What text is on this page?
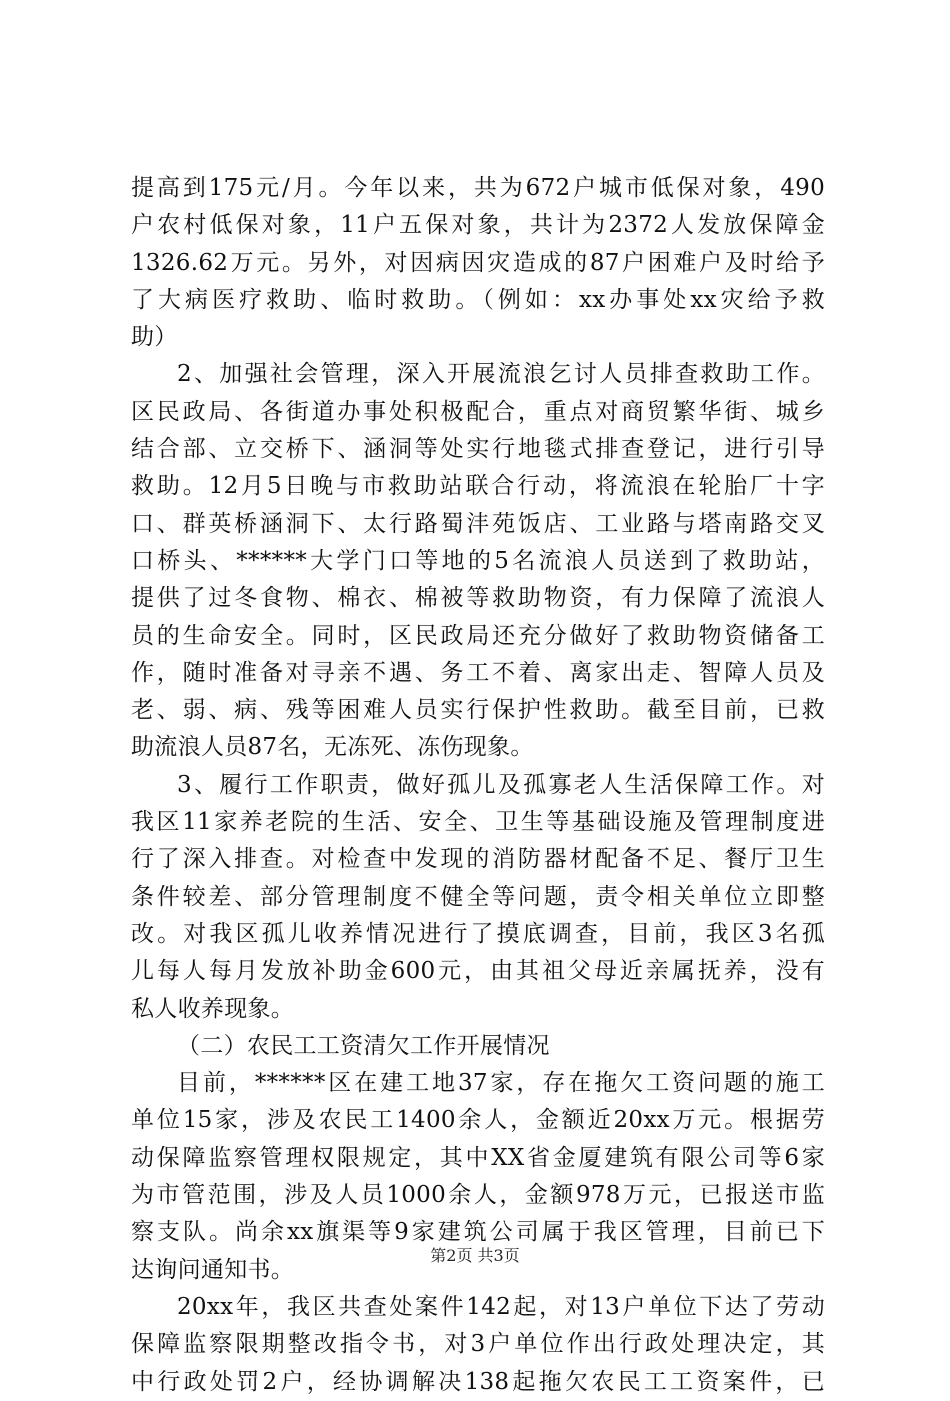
提高到175元/月。今年以来，共为672户城市低保对象，490
户农村低保对象，11户五保对象，共计为2372人发放保障金
1326.62万元。另外，对因病因灾造成的87户困难户及时给予
了大病医疗救助、临时救助。（例如：xx办事处xx灾给予救
助）
2、加强社会管理，深入开展流浪乞讨人员排查救助工作。
区民政局、各街道办事处积极配合，重点对商贸繁华街、城乡
结合部、立交桥下、涵洞等处实行地毯式排查登记，进行引导
救助。12月5日晚与市救助站联合行动，将流浪在轮胎厂十字
口、群英桥涵洞下、太行路蜀沣苑饭店、工业路与塔南路交叉
口桥头、******大学门口等地的5名流浪人员送到了救助站，
提供了过冬食物、棉衣、棉被等救助物资，有力保障了流浪人
员的生命安全。同时，区民政局还充分做好了救助物资储备工
作，随时准备对寻亲不遇、务工不着、离家出走、智障人员及
老、弱、病、残等困难人员实行保护性救助。截至目前，已救
助流浪人员87名，无冻死、冻伤现象。
3、履行工作职责，做好孤儿及孤寡老人生活保障工作。对
我区11家养老院的生活、安全、卫生等基础设施及管理制度进
行了深入排查。对检查中发现的消防器材配备不足、餐厅卫生
条件较差、部分管理制度不健全等问题，责令相关单位立即整
改。对我区孤儿收养情况进行了摸底调查，目前，我区3名孤
儿每人每月发放补助金600元，由其祖父母近亲属抚养，没有
私人收养现象。
（二）农民工工资清欠工作开展情况
目前，******区在建工地37家，存在拖欠工资问题的施工
单位15家，涉及农民工1400余人，金额近20xx万元。根据劳
动保障监察管理权限规定，其中XX省金厦建筑有限公司等6家
为市管范围，涉及人员1000余人，金额978万元，已报送市监
察支队。尚余xx旗渠等9家建筑公司属于我区管理，目前已下
达询问通知书。
20xx年，我区共查处案件142起，对13户单位下达了劳动
保障监察限期整改指令书，对3户单位作出行政处理决定，其
中行政处罚2户，经协调解决138起拖欠农民工工资案件，已
第2页 共3页
